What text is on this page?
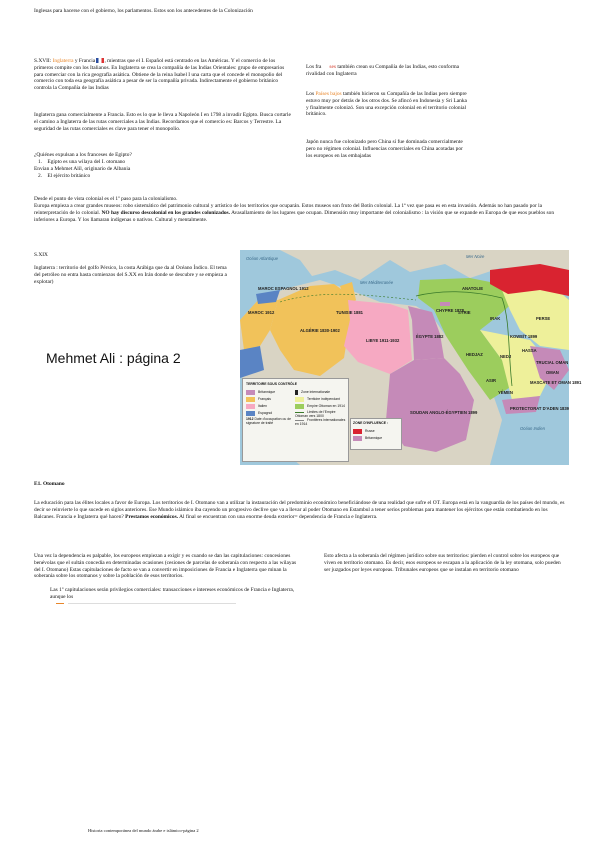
Inglesas para hacerse con el gobierno, los parlamentos. Estos son los antecedentes de la Colonización
S.XVII: Inglaterra y Francia , mientras que el I. Español está centrado en las Américas. Y el comercio de los primeros compite con los Italianos. En Inglaterra se crea la compañía de las Indias Orientales: grupo de empresarios para comerciar con la rica geografía asiática. Obtiene de la reina Isabel I una carta que el concede el monopolio del comercio con toda esa geografía asiática a pesar de ser la compañía privada. Indirectamente el gobierno británico controla la Compañía de las Indias
Inglaterra gana comercialmente a Francia. Esto es lo que le lleva a Napoleón I en 1798 a invadir Egipto. Busca cortarle el camino a Inglaterra de las rutas comerciales a las Indias. Recordamos que el comercio es: Barcos y Terrestre. La seguridad de las rutas comerciales es clave para tener el monopolio.
¿Quiénes expulsan a los franceses de Egipto?
1. Egipto es una wilaya del I. otomano
Envían a Mehmet Alíl, originario de Albania
2. El ejército británico
Los fra ses también crean su Compañía de las Indias, esto conforma rivalidad con Inglaterra
Los Países bajos también hicieron su Compañía de las Indias pero siempre estuvo muy por detrás de los otros dos. Se afincó en Indonesia y Sri Lanka y finalmente colonizó. Son una excepción colonial en el territorio colonial británico.
Japón nunca fue colonizado pero China sí fue dominada comercialmente pero no régimen colonial. Influencias comerciales en China acotadas por los europeos en las embajadas
Desde el punto de vista colonial es el 1º paso para la colonialismo.
Europa empieza a crear grandes museos: robo sistemático del patrimonio cultural y artístico de los territorios que ocuparán. Estos museos son fruto del Botín colonial. La 1ª vez que pasa es en esta invasión. Además no han pasado por la reinterpretación de lo colonial. NO hay discurso descolonial en los grandes colonizados. Avasallamiento de los lugares que ocupan. Dimensión muy importante del colonialismo : la visión que se expande en Europa de que esos pueblos son inferiores a Europa. Y los llamaran indígenas o nativos. Cultural y mentalmente.
S.XIX
Inglaterra : territorio del golfo Pérsico, la costa Arábiga que da al Océano Índico. El tema del petróleo no entra hasta comienzos del S.XX en Irán donde se descubre y se empieza a explotar)
Mehmet Ali : página 2
Océan Atlantique
MAROC ESPAGNOL 1912
MAROC 1912	TUNISIE 1881
ALGÉRIE 1830-1902
LIBYE 1911-1932
ÉGYPTE 1882
SOUDAN ANGLO-ÉGYPTIEN 1899
ANATOLIE
CHYPRE 1878
SYRIE
IRAK	PERSE
KOWEÏT 1899
HEDJAZ	NEDJ
HASSA
TRUCIAL OMAN
OMAN
MASCATE ET OMAN 1891
ASIR
YÉMEN
PROTECTORAT D'ADEN 1839
Mer Noire
Mer Méditerranée
Océan Indien
TERRITOIRE SOUS CONTRÔLE
Britannique
Français
Italien
Espagnol
1912 Date d'occupation ou de signature de traité
Zone internationale
Territoire indépendant
Empire Ottoman en 1914
Limites de l'Empire Ottoman vers 1800
Frontières internationales en 1914	ZONE D'INFLUENCE :
Russe
Britannique
E1. Otomano
La educación para las élites locales a favor de Europa. Los territorios de I. Otomano van a utilizar la instauración del predominio económico beneficiándose de una realidad que sufre el OT. Europa está en la vanguardia de los países del mundo, es decir se reinvierte lo que sucede en siglos anteriores. Ese Mundo islámico iba cayendo un progresivo declive que va a llevar al poder Otomano en Estambul a tener serios problemas para mantener los ejércitos que están combatiendo en los Balcanes. Francia e Inglaterra qué hacen? Prestamos económicos. Al final se encuentran con una enorme deuda exterior= dependencia de Francia e Inglaterra.
Una vez la dependencia es palpable, los europeos empiezan a exigir y es cuando se dan las capitulaciones: concesiones benévolas que el sultán concedía en determinadas ocasiones (cesiones de parcelas de soberanía con respecto a las wilayas del I. Otomano) Estas capitulaciones de facto se van a convertir en imposiciones de Francia e Inglaterra que minan la soberanía sobre los otomanos y sobre la población de esos territorios.
Las 1º capitulaciones serán privilegios comerciales: transacciones e intereses económicos de Francia e Inglaterra, aunque los
Esto afecta a la soberanía del régimen jurídico sobre sus territorios: pierden el control sobre los europeos que viven en territorio otomano. Es decir, esos europeos se escapan a la aplicación de la ley otomana, solo pueden ser juzgados por leyes europeas. Tribunales europeos que se instalan en territorio otomano
Historia contemporánea del mundo árabe e islámico-página 2
